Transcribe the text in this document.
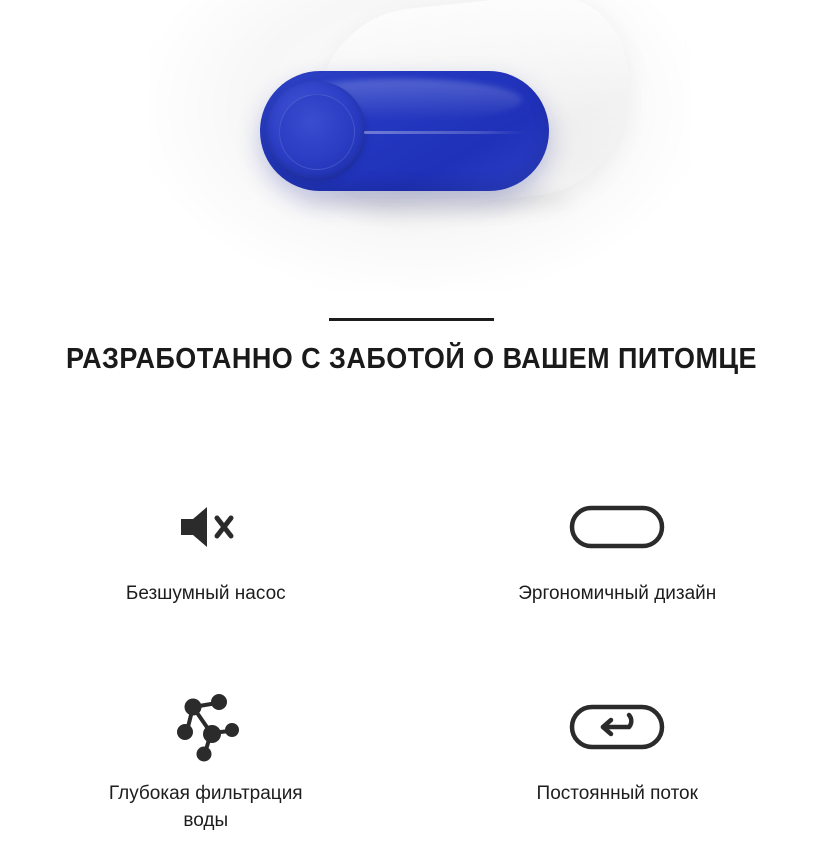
РАЗРАБОТАННО С ЗАБОТОЙ О ВАШЕМ ПИТОМЦЕ
Безшумный насос	Эргономичный дизайн
Глубокая фильтрация воды
Постоянный поток
